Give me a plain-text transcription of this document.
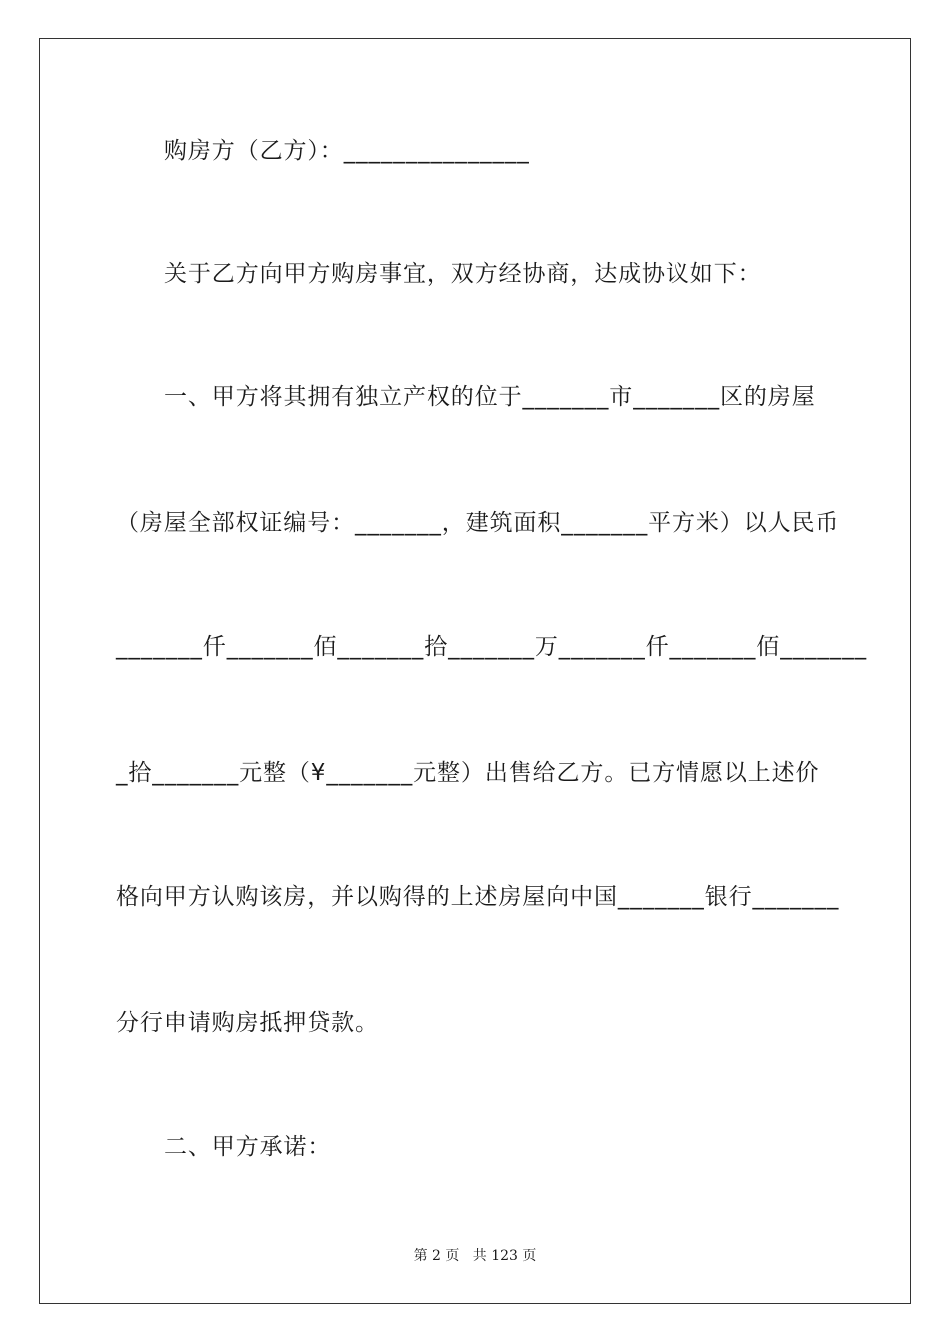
购房方（乙方）：_______________
关于乙方向甲方购房事宜，双方经协商，达成协议如下：
一、甲方将其拥有独立产权的位于_______市_______区的房屋
（房屋全部权证编号：_______，建筑面积_______平方米）以人民币
_______仟_______佰_______拾_______万_______仟_______佰_______
_拾_______元整（¥_______元整）出售给乙方。已方情愿以上述价
格向甲方认购该房，并以购得的上述房屋向中国_______银行_______
分行申请购房抵押贷款。
二、甲方承诺：
第 2 页   共 123 页
